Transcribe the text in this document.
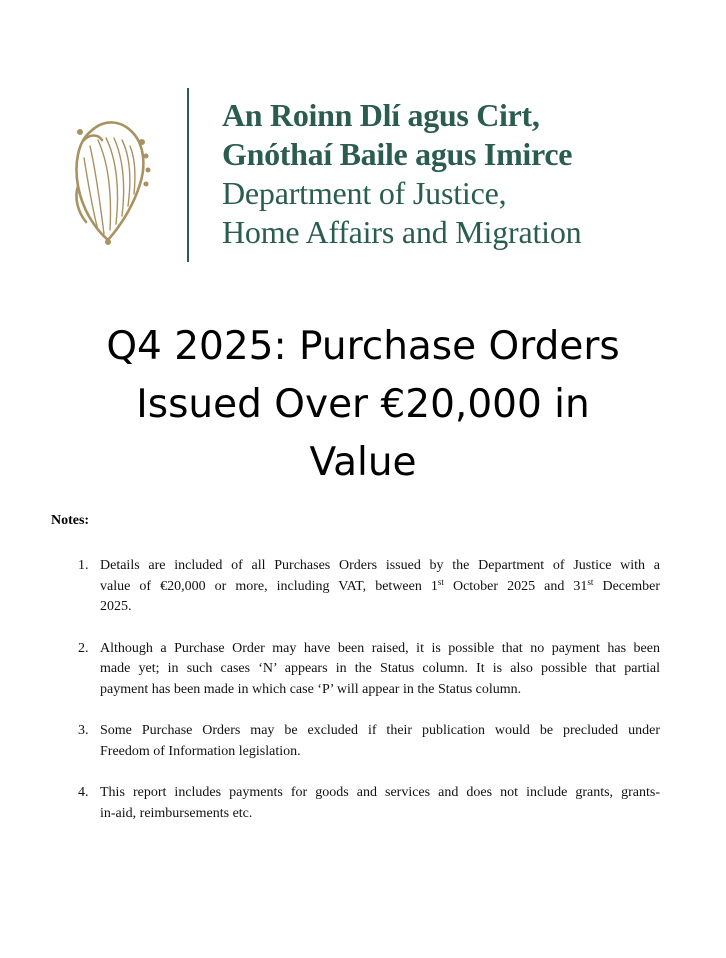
An Roinn Dlí agus Cirt,
Gnóthaí Baile agus Imirce
Department of Justice,
Home Affairs and Migration
Q4 2025: Purchase Orders
Issued Over €20,000 in
Value
Notes:
1. Details are included of all Purchases Orders issued by the Department of Justice with a
value of €20,000 or more, including VAT, between 1st October 2025 and 31st December
2025.
2. Although a Purchase Order may have been raised, it is possible that no payment has been
made yet; in such cases ‘N’ appears in the Status column. It is also possible that partial
payment has been made in which case ‘P’ will appear in the Status column.
3. Some Purchase Orders may be excluded if their publication would be precluded under
Freedom of Information legislation.
4. This report includes payments for goods and services and does not include grants, grants-
in-aid, reimbursements etc.
